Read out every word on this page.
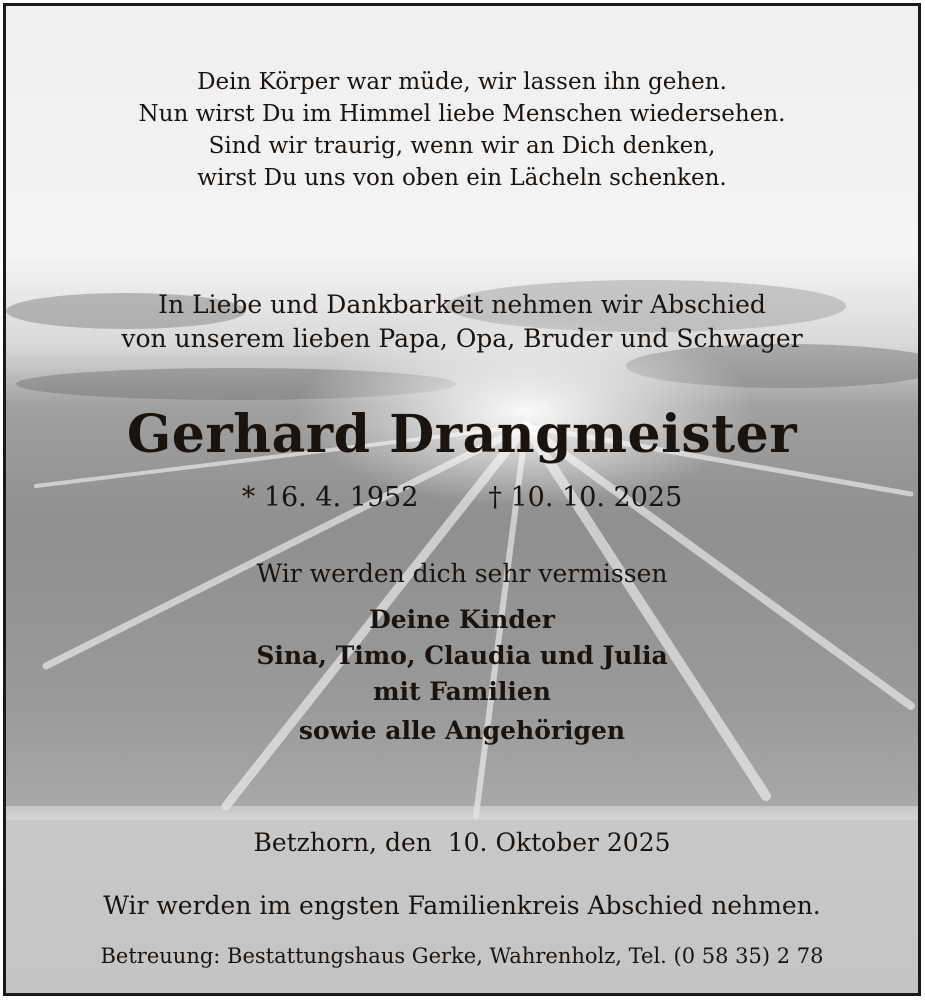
Dein Körper war müde, wir lassen ihn gehen.
Nun wirst Du im Himmel liebe Menschen wiedersehen.
Sind wir traurig, wenn wir an Dich denken,
wirst Du uns von oben ein Lächeln schenken.
In Liebe und Dankbarkeit nehmen wir Abschied
von unserem lieben Papa, Opa, Bruder und Schwager
Gerhard Drangmeister
* 16. 4. 1952	† 10. 10. 2025
Wir werden dich sehr vermissen
Deine Kinder
Sina, Timo, Claudia und Julia
mit Familien
sowie alle Angehörigen
Betzhorn, den  10. Oktober 2025
Wir werden im engsten Familienkreis Abschied nehmen.
Betreuung: Bestattungshaus Gerke, Wahrenholz, Tel. (0 58 35) 2 78
